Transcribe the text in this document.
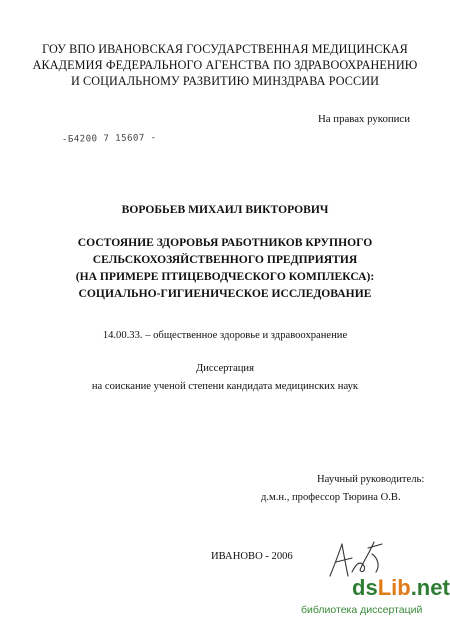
ГОУ ВПО ИВАНОВСКАЯ ГОСУДАРСТВЕННАЯ МЕДИЦИНСКАЯ
АКАДЕМИЯ ФЕДЕРАЛЬНОГО АГЕНСТВА ПО ЗДРАВООХРАНЕНИЮ
И СОЦИАЛЬНОМУ РАЗВИТИЮ МИНЗДРАВА РОССИИ
На правах рукописи
-Б4200 7 15607 -
ВОРОБЬЕВ МИХАИЛ ВИКТОРОВИЧ
СОСТОЯНИЕ ЗДОРОВЬЯ РАБОТНИКОВ КРУПНОГО
СЕЛЬСКОХОЗЯЙСТВЕННОГО ПРЕДПРИЯТИЯ
(НА ПРИМЕРЕ ПТИЦЕВОДЧЕСКОГО КОМПЛЕКСА):
СОЦИАЛЬНО-ГИГИЕНИЧЕСКОЕ ИССЛЕДОВАНИЕ
14.00.33. – общественное здоровье и здравоохранение
Диссертация
на соискание ученой степени кандидата медицинских наук
Научный руководитель:
д.м.н., профессор Тюрина О.В.
ИВАНОВО - 2006
dsLib.net
библиотека диссертаций
